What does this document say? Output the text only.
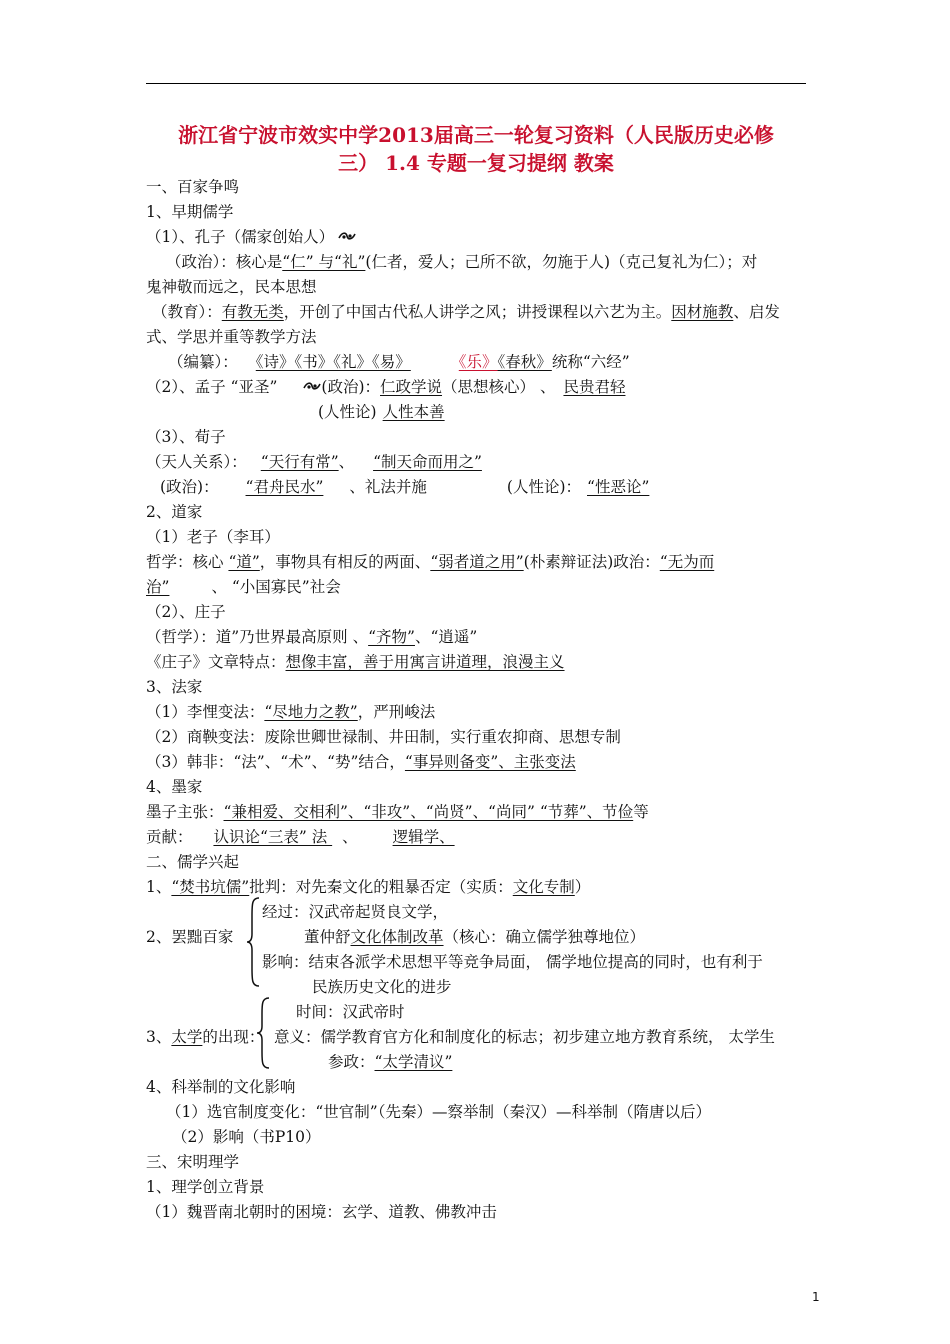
浙江省宁波市效实中学2013届高三一轮复习资料（人民版历史必修
三） 1.4 专题一复习提纲 教案
一、百家争鸣
1、早期儒学
（1）、孔子（儒家创始人）
（政治）：核心是“仁” 与“礼”(仁者，爱人；己所不欲，勿施于人)（克己复礼为仁）；对
鬼神敬而远之，民本思想
（教育）：有教无类，开创了中国古代私人讲学之风；讲授课程以六艺为主。因材施教、启发
式、学思并重等教学方法
（编纂）： 《诗》《书》《礼》《易》	《乐》《春秋》统称“六经”
（2）、孟子 “亚圣”	(政治)：仁政学说（思想核心） 、 民贵君轻
(人性论) 人性本善
（3）、荀子
（天人关系）： “天行有常”、 “制天命而用之”
(政治)： “君舟民水” 、礼法并施	(人性论)： “性恶论”
2、道家
（1）老子（李耳）
哲学：核心 “道”，事物具有相反的两面、“弱者道之用”(朴素辩证法)政治：“无为而
治”	、 “小国寡民”社会
（2）、庄子
（哲学）：道”乃世界最高原则 、“齐物”、“逍遥”
《庄子》文章特点：想像丰富，善于用寓言讲道理，浪漫主义
3、法家
（1）李悝变法：“尽地力之教”，严刑峻法
（2）商鞅变法：废除世卿世禄制、井田制，实行重农抑商、思想专制
（3）韩非：“法”、“术”、“势”结合，“事异则备变”、主张变法
4、墨家
墨子主张：“兼相爱、交相利”、“非攻”、“尚贤”、“尚同” “节葬”、节俭等
贡献： 认识论“三表” 法 、 逻辑学、
二、儒学兴起
1、“焚书坑儒”批判：对先秦文化的粗暴否定（实质：文化专制）
2、罢黜百家
经过：汉武帝起贤良文学，
董仲舒文化体制改革（核心：确立儒学独尊地位）
影响：结束各派学术思想平等竞争局面， 儒学地位提高的同时，也有利于
民族历史文化的进步
3、太学的出现：
时间：汉武帝时
意义：儒学教育官方化和制度化的标志；初步建立地方教育系统， 太学生
参政：“太学清议”
4、科举制的文化影响
（1）选官制度变化：“世官制”（先秦）—察举制（秦汉）—科举制（隋唐以后）
（2）影响（书P10）
三、宋明理学
1、理学创立背景
（1）魏晋南北朝时的困境：玄学、道教、佛教冲击
1
